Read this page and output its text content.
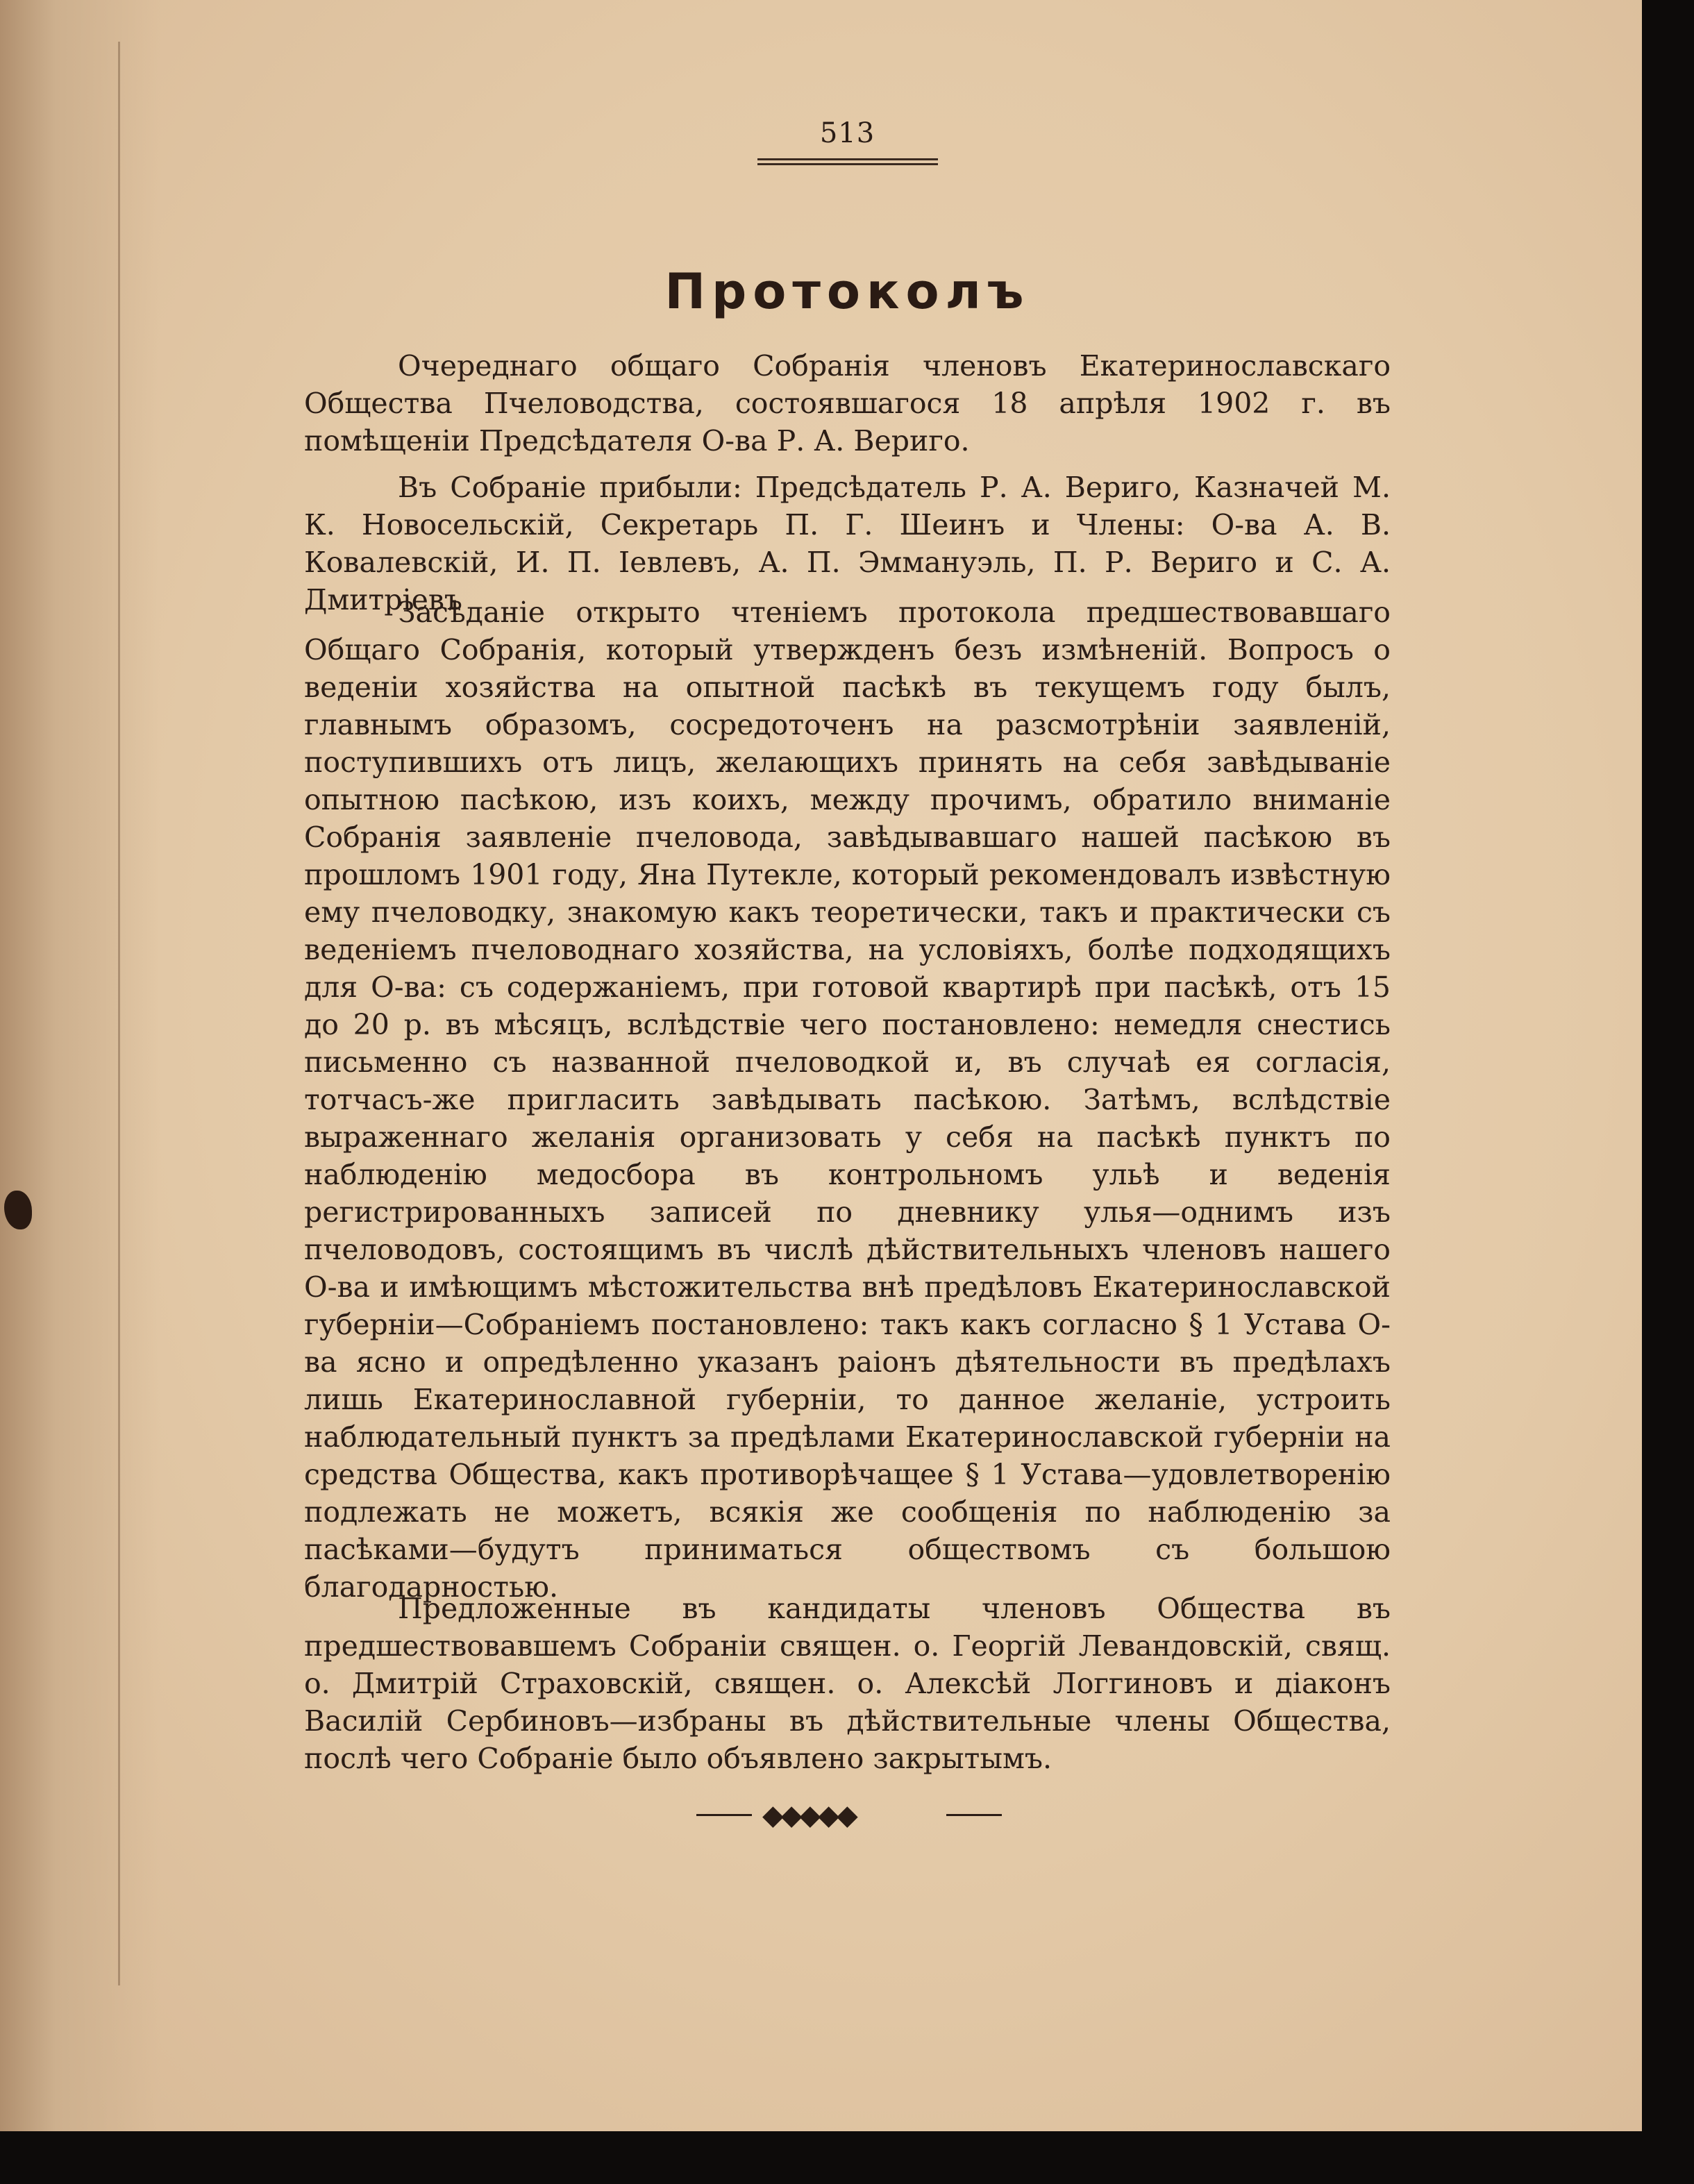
513
Протоколъ

Очереднаго общаго Собранія членовъ Екатеринославскаго Общества Пчеловодства, состоявшагося 18 апрѣля 1902 г. въ помѣщеніи Предсѣдателя О-ва Р. А. Вериго.

Въ Собраніе прибыли: Предсѣдатель Р. А. Вериго, Казначей М. К. Новосельскій, Секретарь П. Г. Шеинъ и Члены: О-ва А. В. Ковалевскій, И. П. Іевлевъ, А. П. Эммануэль, П. Р. Вериго и С. А. Дмитріевъ

Засѣданіе открыто чтеніемъ протокола предшествовавшаго Общаго Собранія, который утвержденъ безъ измѣненій. Вопросъ о веденіи хозяйства на опытной пасѣкѣ въ текущемъ году былъ, главнымъ образомъ, сосредоточенъ на разсмотрѣніи заявленій, поступившихъ отъ лицъ, желающихъ принять на себя завѣдываніе опытною пасѣкою, изъ коихъ, между прочимъ, обратило вниманіе Собранія заявленіе пчеловода, завѣдывавшаго нашей пасѣкою въ прошломъ 1901 году, Яна Путекле, который рекомендовалъ извѣстную ему пчеловодку, знакомую какъ теоретически, такъ и практически съ веденіемъ пчеловоднаго хозяйства, на условіяхъ, болѣе подходящихъ для О-ва: съ содержаніемъ, при готовой квартирѣ при пасѣкѣ, отъ 15 до 20 р. въ мѣсяцъ, вслѣдствіе чего постановлено: немедля снестись письменно съ названной пчеловодкой и, въ случаѣ ея согласія, тотчасъ-же пригласить завѣдывать пасѣкою. Затѣмъ, вслѣдствіе выраженнаго желанія организовать у себя на пасѣкѣ пунктъ по наблюденію медосбора въ контрольномъ ульѣ и веденія регистрированныхъ записей по дневнику улья—однимъ изъ пчеловодовъ, состоящимъ въ числѣ дѣйствительныхъ членовъ нашего О-ва и имѣющимъ мѣстожительства внѣ предѣловъ Екатеринославской губерніи—Собраніемъ постановлено: такъ какъ согласно § 1 Устава О-ва ясно и опредѣленно указанъ раіонъ дѣятельности въ предѣлахъ лишь Екатеринославной губерніи, то данное желаніе, устроить наблюдательный пунктъ за предѣлами Екатеринославской губерніи на средства Общества, какъ противорѣчащее § 1 Устава—удовлетворенію подлежать не можетъ, всякія же сообщенія по наблюденію за пасѣками—будутъ приниматься обществомъ съ большою благодарностью.

Предложенные въ кандидаты членовъ Общества въ предшествовавшемъ Собраніи священ. о. Георгій Левандовскій, свящ. о. Дмитрій Страховскій, священ. о. Алексѣй Логгиновъ и діаконъ Василій Сербиновъ—избраны въ дѣйствительные члены Общества, послѣ чего Собраніе было объявлено закрытымъ.

◆◆◆◆◆
